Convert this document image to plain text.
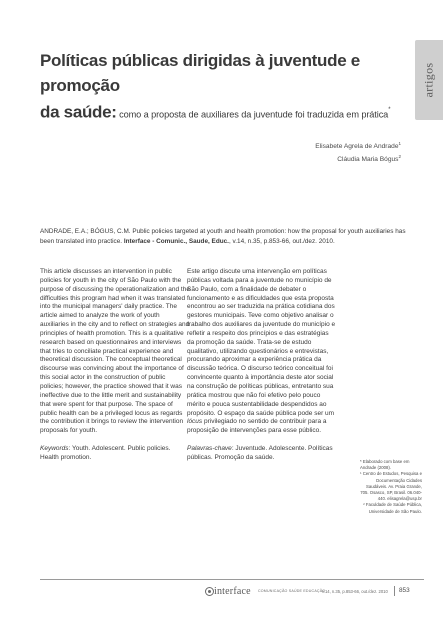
artigos
Políticas públicas dirigidas à juventude e promoção
da saúde: como a proposta de auxiliares da juventude foi traduzida em prática*
Elisabete Agrela de Andrade$^1$
Cláudia Maria Bógus$^2$
ANDRADE, E.A.; BÓGUS, C.M. Public policies targeted at youth and health promotion: how the proposal for youth auxiliaries has been translated into practice. Interface - Comunic., Saude, Educ., v.14, n.35, p.853-66, out./dez. 2010.

This article discusses an intervention in public policies for youth in the city of São Paulo with the purpose of discussing the operationalization and the difficulties this program had when it was translated into the municipal managers' daily practice. The article aimed to analyze the work of youth auxiliaries in the city and to reflect on strategies and principles of health promotion. This is a qualitative research based on questionnaires and interviews that tries to conciliate practical experience and theoretical discussion. The conceptual theoretical discourse was convincing about the importance of this social actor in the construction of public policies; however, the practice showed that it was ineffective due to the little merit and sustainability that were spent for that purpose. The space of public health can be a privileged locus as regards the contribution it brings to review the intervention proposals for youth.

Keywords: Youth. Adolescent. Public policies. Health promotion.

Este artigo discute uma intervenção em políticas públicas voltada para a juventude no município de São Paulo, com a finalidade de debater o funcionamento e as dificuldades que esta proposta encontrou ao ser traduzida na prática cotidiana dos gestores municipais. Teve como objetivo analisar o trabalho dos auxiliares da juventude do município e refletir a respeito dos princípios e das estratégias da promoção da saúde. Trata-se de estudo qualitativo, utilizando questionários e entrevistas, procurando aproximar a experiência prática da discussão teórica. O discurso teórico conceitual foi convincente quanto à importância deste ator social na construção de políticas públicas, entretanto sua prática mostrou que não foi efetivo pelo pouco mérito e pouca sustentabilidade despendidos ao propósito. O espaço da saúde pública pode ser um lócus privilegiado no sentido de contribuir para a proposição de intervenções para esse público.

Palavras-chave: Juventude. Adolescente. Políticas públicas. Promoção da saúde.

* Elaborado com base em Andrade (2008).
¹ Centro de Estudos, Pesquisa e Documentação Cidades Saudáveis. Av. Praia Grande, 705. Osasco, SP, Brasil. 06.040-440. elisagrela@usp.br
² Faculdade de Saúde Pública, Universidade de São Paulo.
interface COMUNICAÇÃO SAÚDE EDUCAÇÃO
v.14, n.35, p.853-66, out./dez. 2010 853
